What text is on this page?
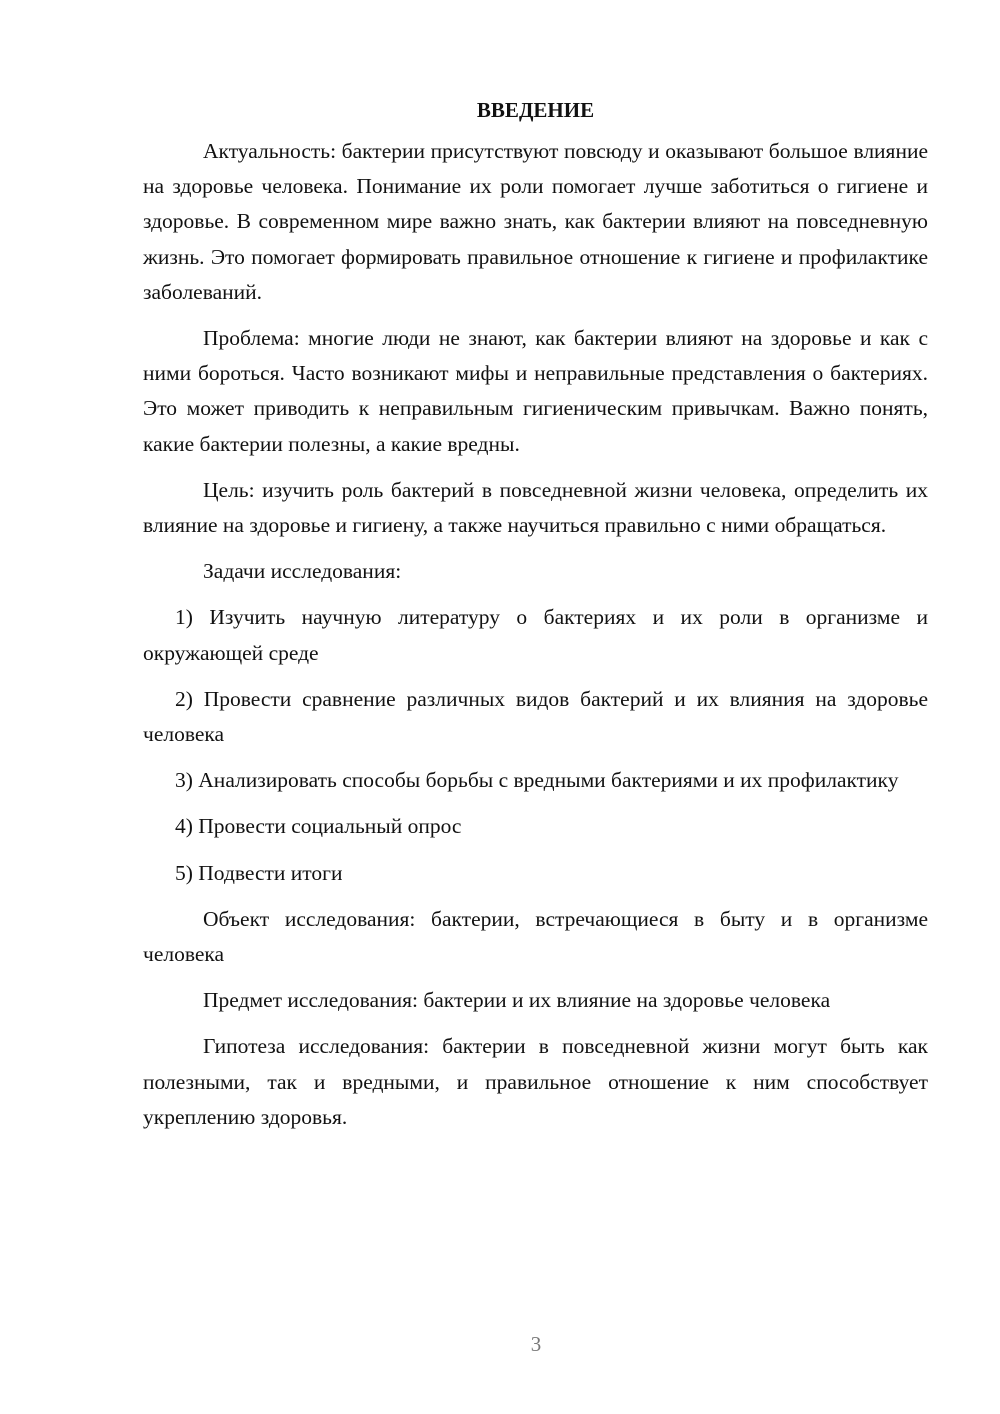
ВВЕДЕНИЕ

Актуальность: бактерии присутствуют повсюду и оказывают большое влияние на здоровье человека. Понимание их роли помогает лучше заботиться о гигиене и здоровье. В современном мире важно знать, как бактерии влияют на повседневную жизнь. Это помогает формировать правильное отношение к гигиене и профилактике заболеваний.

Проблема: многие люди не знают, как бактерии влияют на здоровье и как с ними бороться. Часто возникают мифы и неправильные представления о бактериях. Это может приводить к неправильным гигиеническим привычкам. Важно понять, какие бактерии полезны, а какие вредны.

Цель: изучить роль бактерий в повседневной жизни человека, определить их влияние на здоровье и гигиену, а также научиться правильно с ними обращаться.

Задачи исследования:

1) Изучить научную литературу о бактериях и их роли в организме и окружающей среде

2) Провести сравнение различных видов бактерий и их влияния на здоровье человека

3) Анализировать способы борьбы с вредными бактериями и их профилактику

4) Провести социальный опрос

5) Подвести итоги

Объект исследования: бактерии, встречающиеся в быту и в организме человека

Предмет исследования: бактерии и их влияние на здоровье человека

Гипотеза исследования: бактерии в повседневной жизни могут быть как полезными, так и вредными, и правильное отношение к ним способствует укреплению здоровья.

3
